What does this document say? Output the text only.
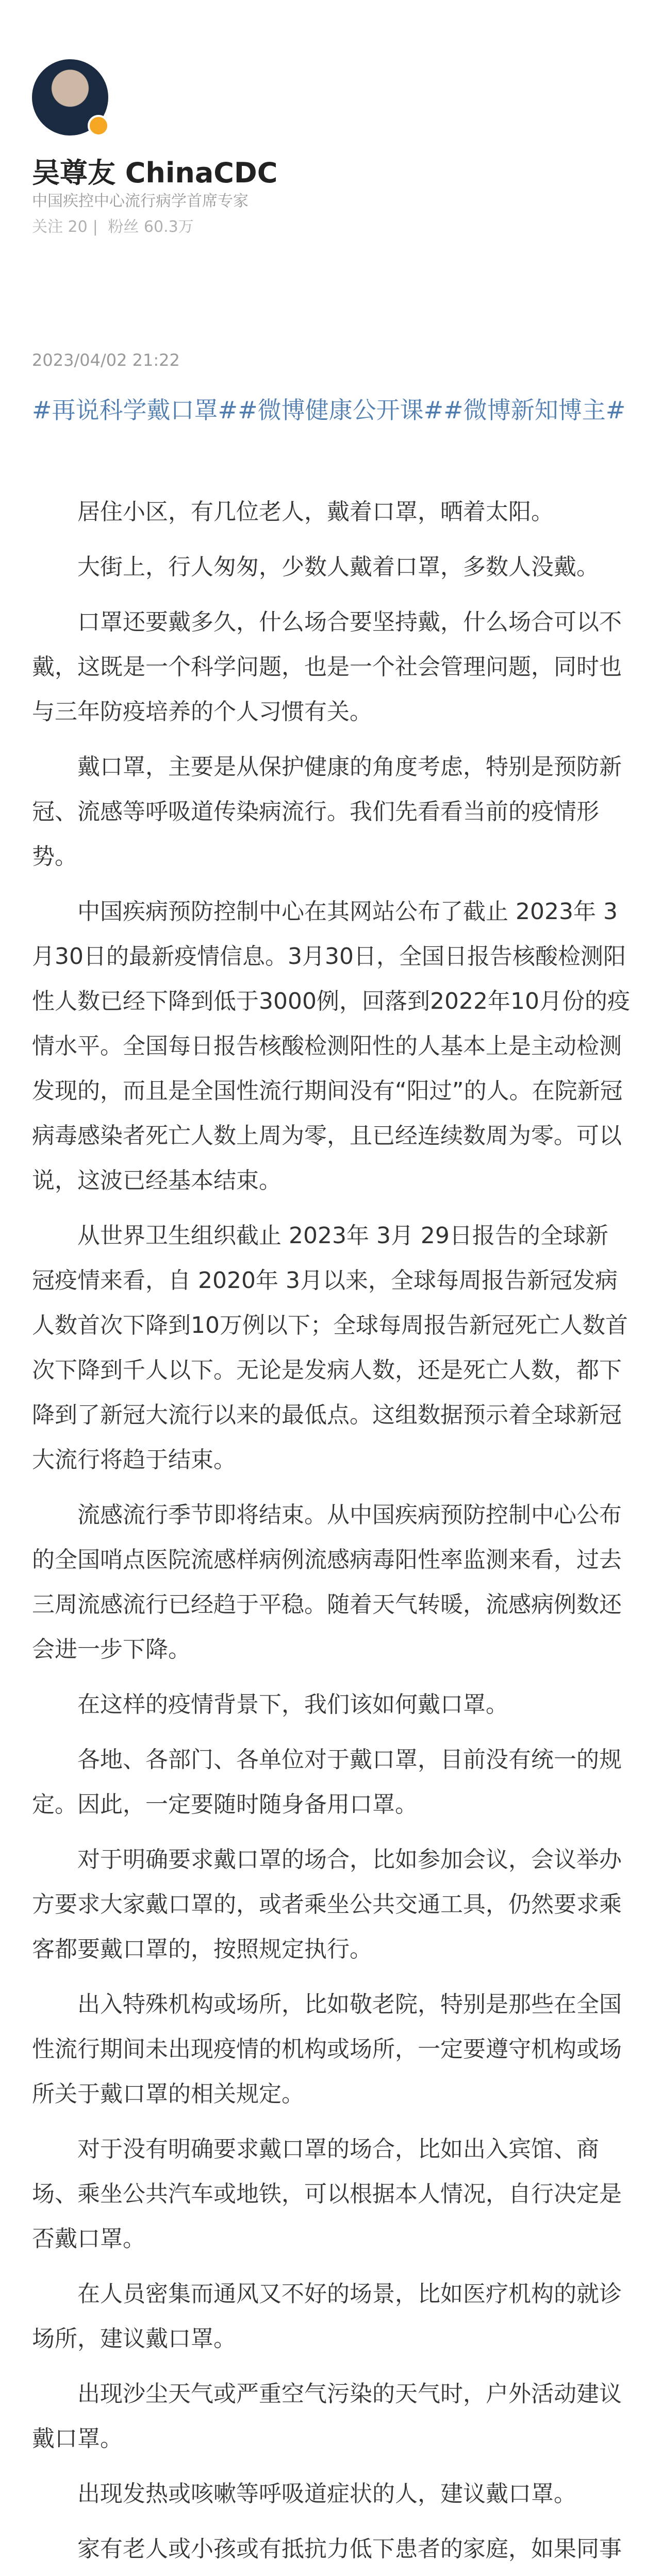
吴尊友 ChinaCDC
中国疾控中心流行病学首席专家
关注 20 | 粉丝 60.3万
2023/04/02 21:22
#再说科学戴口罩##微博健康公开课##微博新知博主#

居住小区，有几位老人，戴着口罩，晒着太阳。

大街上，行人匆匆，少数人戴着口罩，多数人没戴。

口罩还要戴多久，什么场合要坚持戴，什么场合可以不戴，这既是一个科学问题，也是一个社会管理问题，同时也与三年防疫培养的个人习惯有关。

戴口罩，主要是从保护健康的角度考虑，特别是预防新冠、流感等呼吸道传染病流行。我们先看看当前的疫情形势。

中国疾病预防控制中心在其网站公布了截止 2023年 3月30日的最新疫情信息。3月30日，全国日报告核酸检测阳性人数已经下降到低于3000例，回落到2022年10月份的疫情水平。全国每日报告核酸检测阳性的人基本上是主动检测发现的，而且是全国性流行期间没有“阳过”的人。在院新冠病毒感染者死亡人数上周为零，且已经连续数周为零。可以说，这波已经基本结束。

从世界卫生组织截止 2023年 3月 29日报告的全球新冠疫情来看，自 2020年 3月以来，全球每周报告新冠发病人数首次下降到10万例以下；全球每周报告新冠死亡人数首次下降到千人以下。无论是发病人数，还是死亡人数，都下降到了新冠大流行以来的最低点。这组数据预示着全球新冠大流行将趋于结束。

流感流行季节即将结束。从中国疾病预防控制中心公布的全国哨点医院流感样病例流感病毒阳性率监测来看，过去三周流感流行已经趋于平稳。随着天气转暖，流感病例数还会进一步下降。

在这样的疫情背景下，我们该如何戴口罩。

各地、各部门、各单位对于戴口罩，目前没有统一的规定。因此，一定要随时随身备用口罩。

对于明确要求戴口罩的场合，比如参加会议，会议举办方要求大家戴口罩的，或者乘坐公共交通工具，仍然要求乘客都要戴口罩的，按照规定执行。

出入特殊机构或场所，比如敬老院，特别是那些在全国性流行期间未出现疫情的机构或场所，一定要遵守机构或场所关于戴口罩的相关规定。

对于没有明确要求戴口罩的场合，比如出入宾馆、商场、乘坐公共汽车或地铁，可以根据本人情况，自行决定是否戴口罩。

在人员密集而通风又不好的场景，比如医疗机构的就诊场所，建议戴口罩。

出现沙尘天气或严重空气污染的天气时，户外活动建议戴口罩。

出现发热或咳嗽等呼吸道症状的人，建议戴口罩。

家有老人或小孩或有抵抗力低下患者的家庭，如果同事
